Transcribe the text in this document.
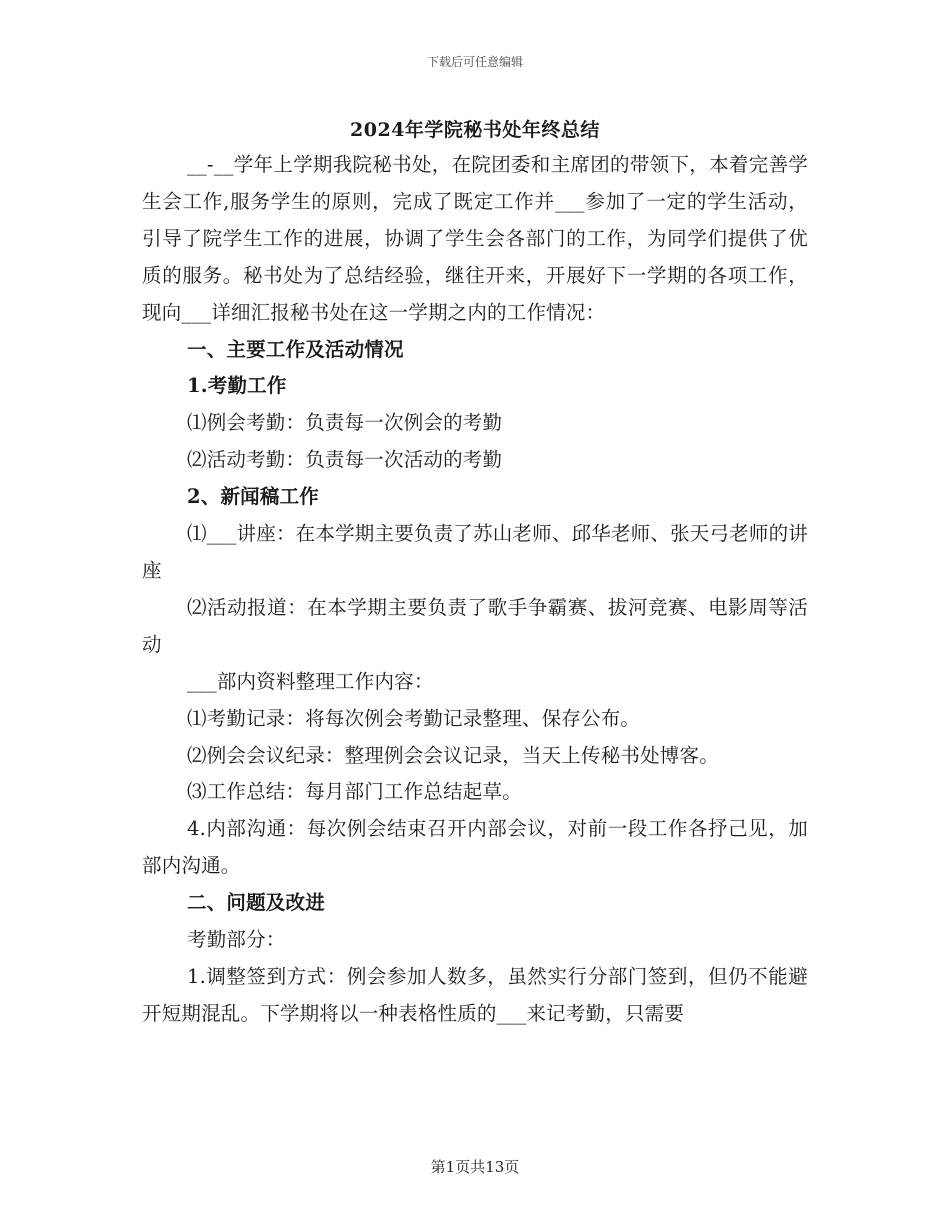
下载后可任意编辑
2024年学院秘书处年终总结

__-__学年上学期我院秘书处，在院团委和主席团的带领下，本着完善学生会工作,服务学生的原则，完成了既定工作并___参加了一定的学生活动，引导了院学生工作的进展，协调了学生会各部门的工作，为同学们提供了优质的服务。秘书处为了总结经验，继往开来，开展好下一学期的各项工作，现向___详细汇报秘书处在这一学期之内的工作情况：

一、主要工作及活动情况

1.考勤工作

⑴例会考勤：负责每一次例会的考勤

⑵活动考勤：负责每一次活动的考勤

2、新闻稿工作

⑴___讲座：在本学期主要负责了苏山老师、邱华老师、张天弓老师的讲座

⑵活动报道：在本学期主要负责了歌手争霸赛、拔河竞赛、电影周等活动

___部内资料整理工作内容：

⑴考勤记录：将每次例会考勤记录整理、保存公布。

⑵例会会议纪录：整理例会会议记录，当天上传秘书处博客。

⑶工作总结：每月部门工作总结起草。

4.内部沟通：每次例会结束召开内部会议，对前一段工作各抒己见，加部内沟通。

二、问题及改进

考勤部分：

1.调整签到方式：例会参加人数多，虽然实行分部门签到，但仍不能避开短期混乱。下学期将以一种表格性质的___来记考勤，只需要

第1页共13页
